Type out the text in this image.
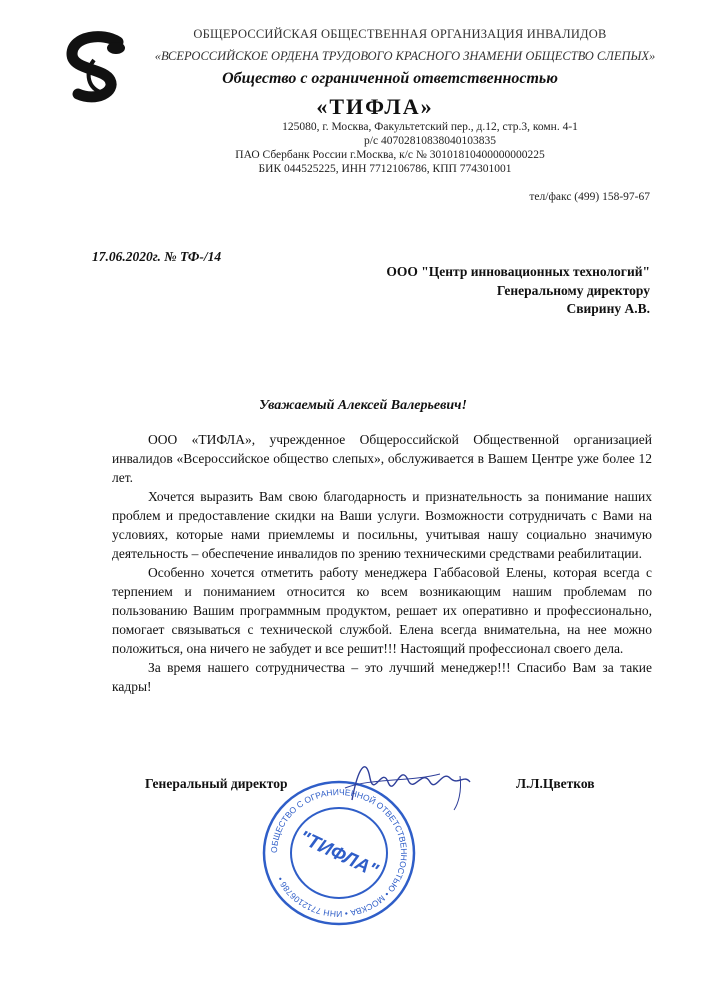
ОБЩЕРОССИЙСКАЯ ОБЩЕСТВЕННАЯ ОРГАНИЗАЦИЯ ИНВАЛИДОВ
«ВСЕРОССИЙСКОЕ ОРДЕНА ТРУДОВОГО КРАСНОГО ЗНАМЕНИ ОБЩЕСТВО СЛЕПЫХ»
Общество с ограниченной ответственностью
«ТИФЛА»
125080, г. Москва, Факультетский пер., д.12, стр.3, комн. 4-1
р/с 40702810838040103835
ПАО Сбербанк России г.Москва, к/с № 30101810400000000225
БИК 044525225, ИНН 7712106786, КПП 774301001
тел/факс (499) 158-97-67
17.06.2020г. № ТФ-/14
ООО "Центр инновационных технологий"
Генеральному директору
Свирину А.В.
Уважаемый Алексей Валерьевич!

ООО «ТИФЛА», учрежденное Общероссийской Общественной организацией инвалидов «Всероссийское общество слепых», обслуживается в Вашем Центре уже более 12 лет.

Хочется выразить Вам свою благодарность и признательность за понимание наших проблем и предоставление скидки на Ваши услуги. Возможности сотрудничать с Вами на условиях, которые нами приемлемы и посильны, учитывая нашу социально значимую деятельность – обеспечение инвалидов по зрению техническими средствами реабилитации.

Особенно хочется отметить работу менеджера Габбасовой Елены, которая всегда с терпением и пониманием относится ко всем возникающим нашим проблемам по пользованию Вашим программным продуктом, решает их оперативно и профессионально, помогает связываться с технической службой. Елена всегда внимательна, на нее можно положиться, она ничего не забудет и все решит!!! Настоящий профессионал своего дела.

За время нашего сотрудничества – это лучший менеджер!!! Спасибо Вам за такие кадры!

ОБЩЕСТВО С ОГРАНИЧЕННОЙ ОТВЕТСТВЕННОСТЬЮ • МОСКВА • ИНН 7712106786 • "ТИФЛА"
Генеральный директор	Л.Л.Цветков
